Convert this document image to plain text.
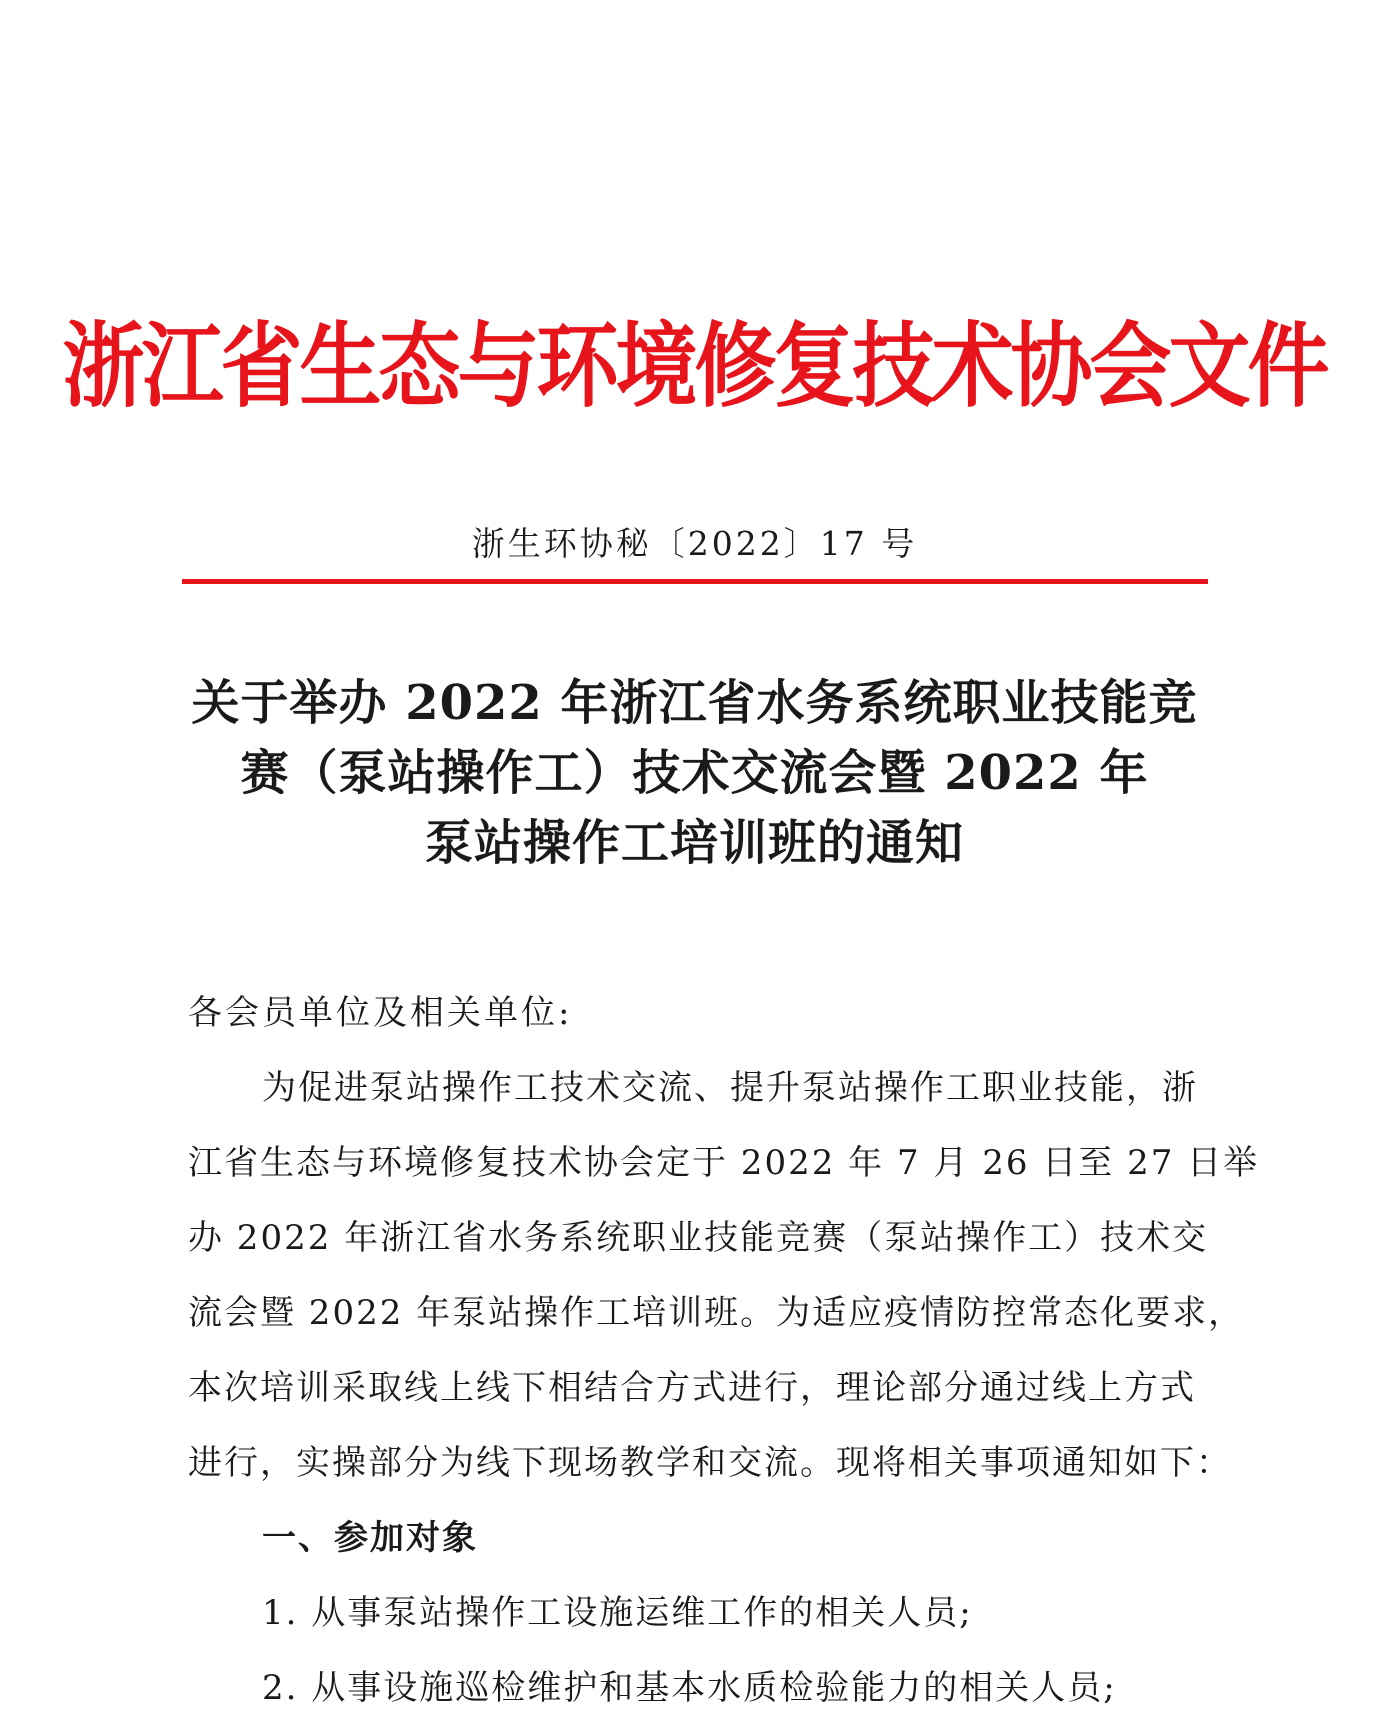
浙江省生态与环境修复技术协会文件
浙生环协秘〔2022〕17 号
关于举办 2022 年浙江省水务系统职业技能竞
赛（泵站操作工）技术交流会暨 2022 年
泵站操作工培训班的通知
各会员单位及相关单位:
为促进泵站操作工技术交流、提升泵站操作工职业技能，浙
江省生态与环境修复技术协会定于 2022 年 7 月 26 日至 27 日举
办 2022 年浙江省水务系统职业技能竞赛（泵站操作工）技术交
流会暨 2022 年泵站操作工培训班。为适应疫情防控常态化要求，
本次培训采取线上线下相结合方式进行，理论部分通过线上方式
进行，实操部分为线下现场教学和交流。现将相关事项通知如下：
一、参加对象
1. 从事泵站操作工设施运维工作的相关人员;
2. 从事设施巡检维护和基本水质检验能力的相关人员;
